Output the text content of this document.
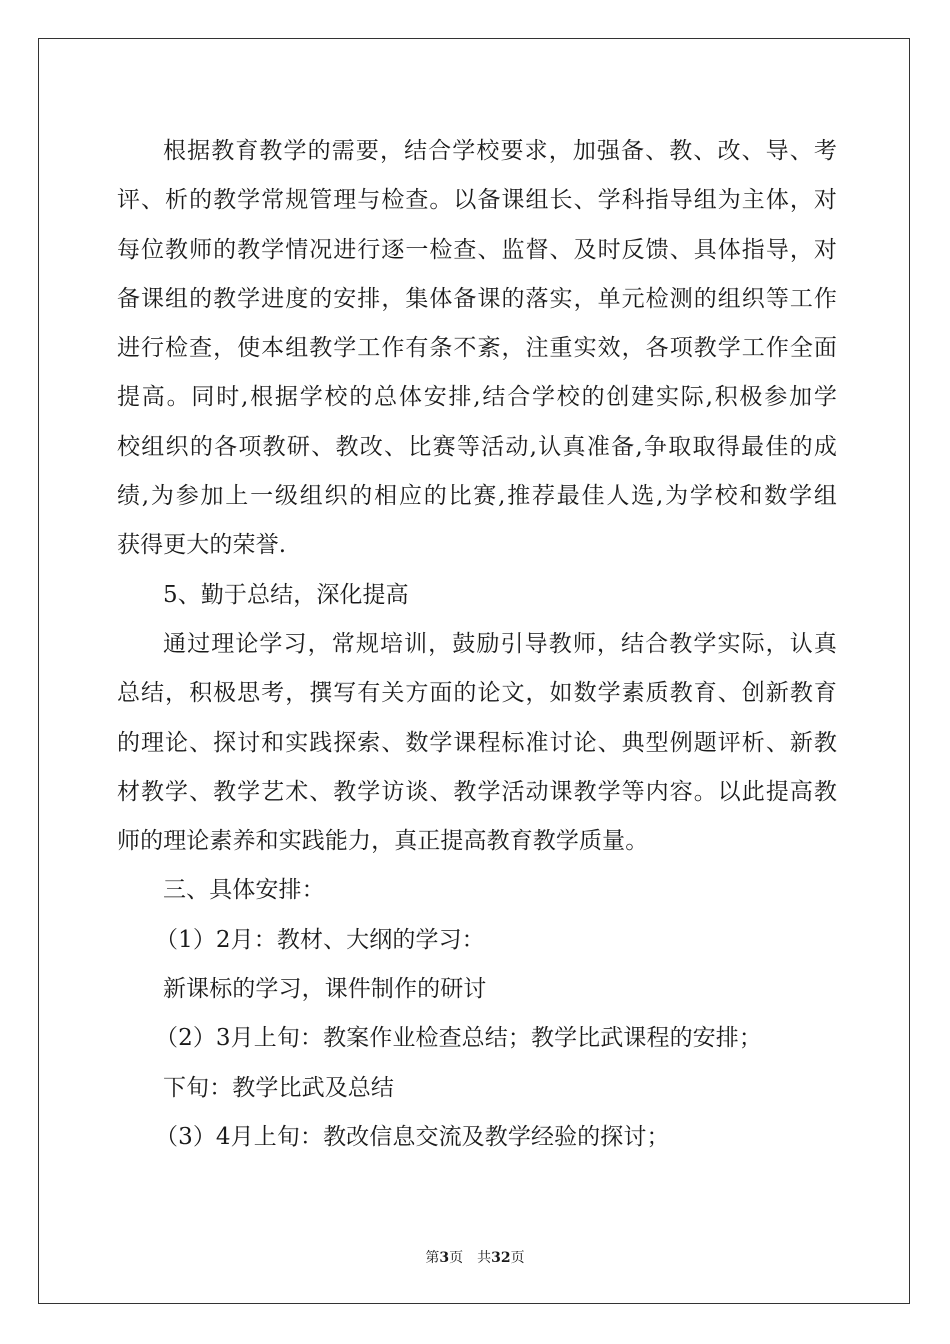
根据教育教学的需要，结合学校要求，加强备、教、改、导、考
评、析的教学常规管理与检查。以备课组长、学科指导组为主体，对
每位教师的教学情况进行逐一检查、监督、及时反馈、具体指导，对
备课组的教学进度的安排，集体备课的落实，单元检测的组织等工作
进行检查，使本组教学工作有条不紊，注重实效，各项教学工作全面
提高。同时,根据学校的总体安排,结合学校的创建实际,积极参加学
校组织的各项教研、教改、比赛等活动,认真准备,争取取得最佳的成
绩,为参加上一级组织的相应的比赛,推荐最佳人选,为学校和数学组
获得更大的荣誉.
5、勤于总结，深化提高
通过理论学习，常规培训，鼓励引导教师，结合教学实际，认真
总结，积极思考，撰写有关方面的论文，如数学素质教育、创新教育
的理论、探讨和实践探索、数学课程标准讨论、典型例题评析、新教
材教学、教学艺术、教学访谈、教学活动课教学等内容。以此提高教
师的理论素养和实践能力，真正提高教育教学质量。
三、具体安排：
（1）2月：教材、大纲的学习：
新课标的学习，课件制作的研讨
（2）3月上旬：教案作业检查总结；教学比武课程的安排；
下旬：教学比武及总结
（3）4月上旬：教改信息交流及教学经验的探讨；
第3页　共32页
